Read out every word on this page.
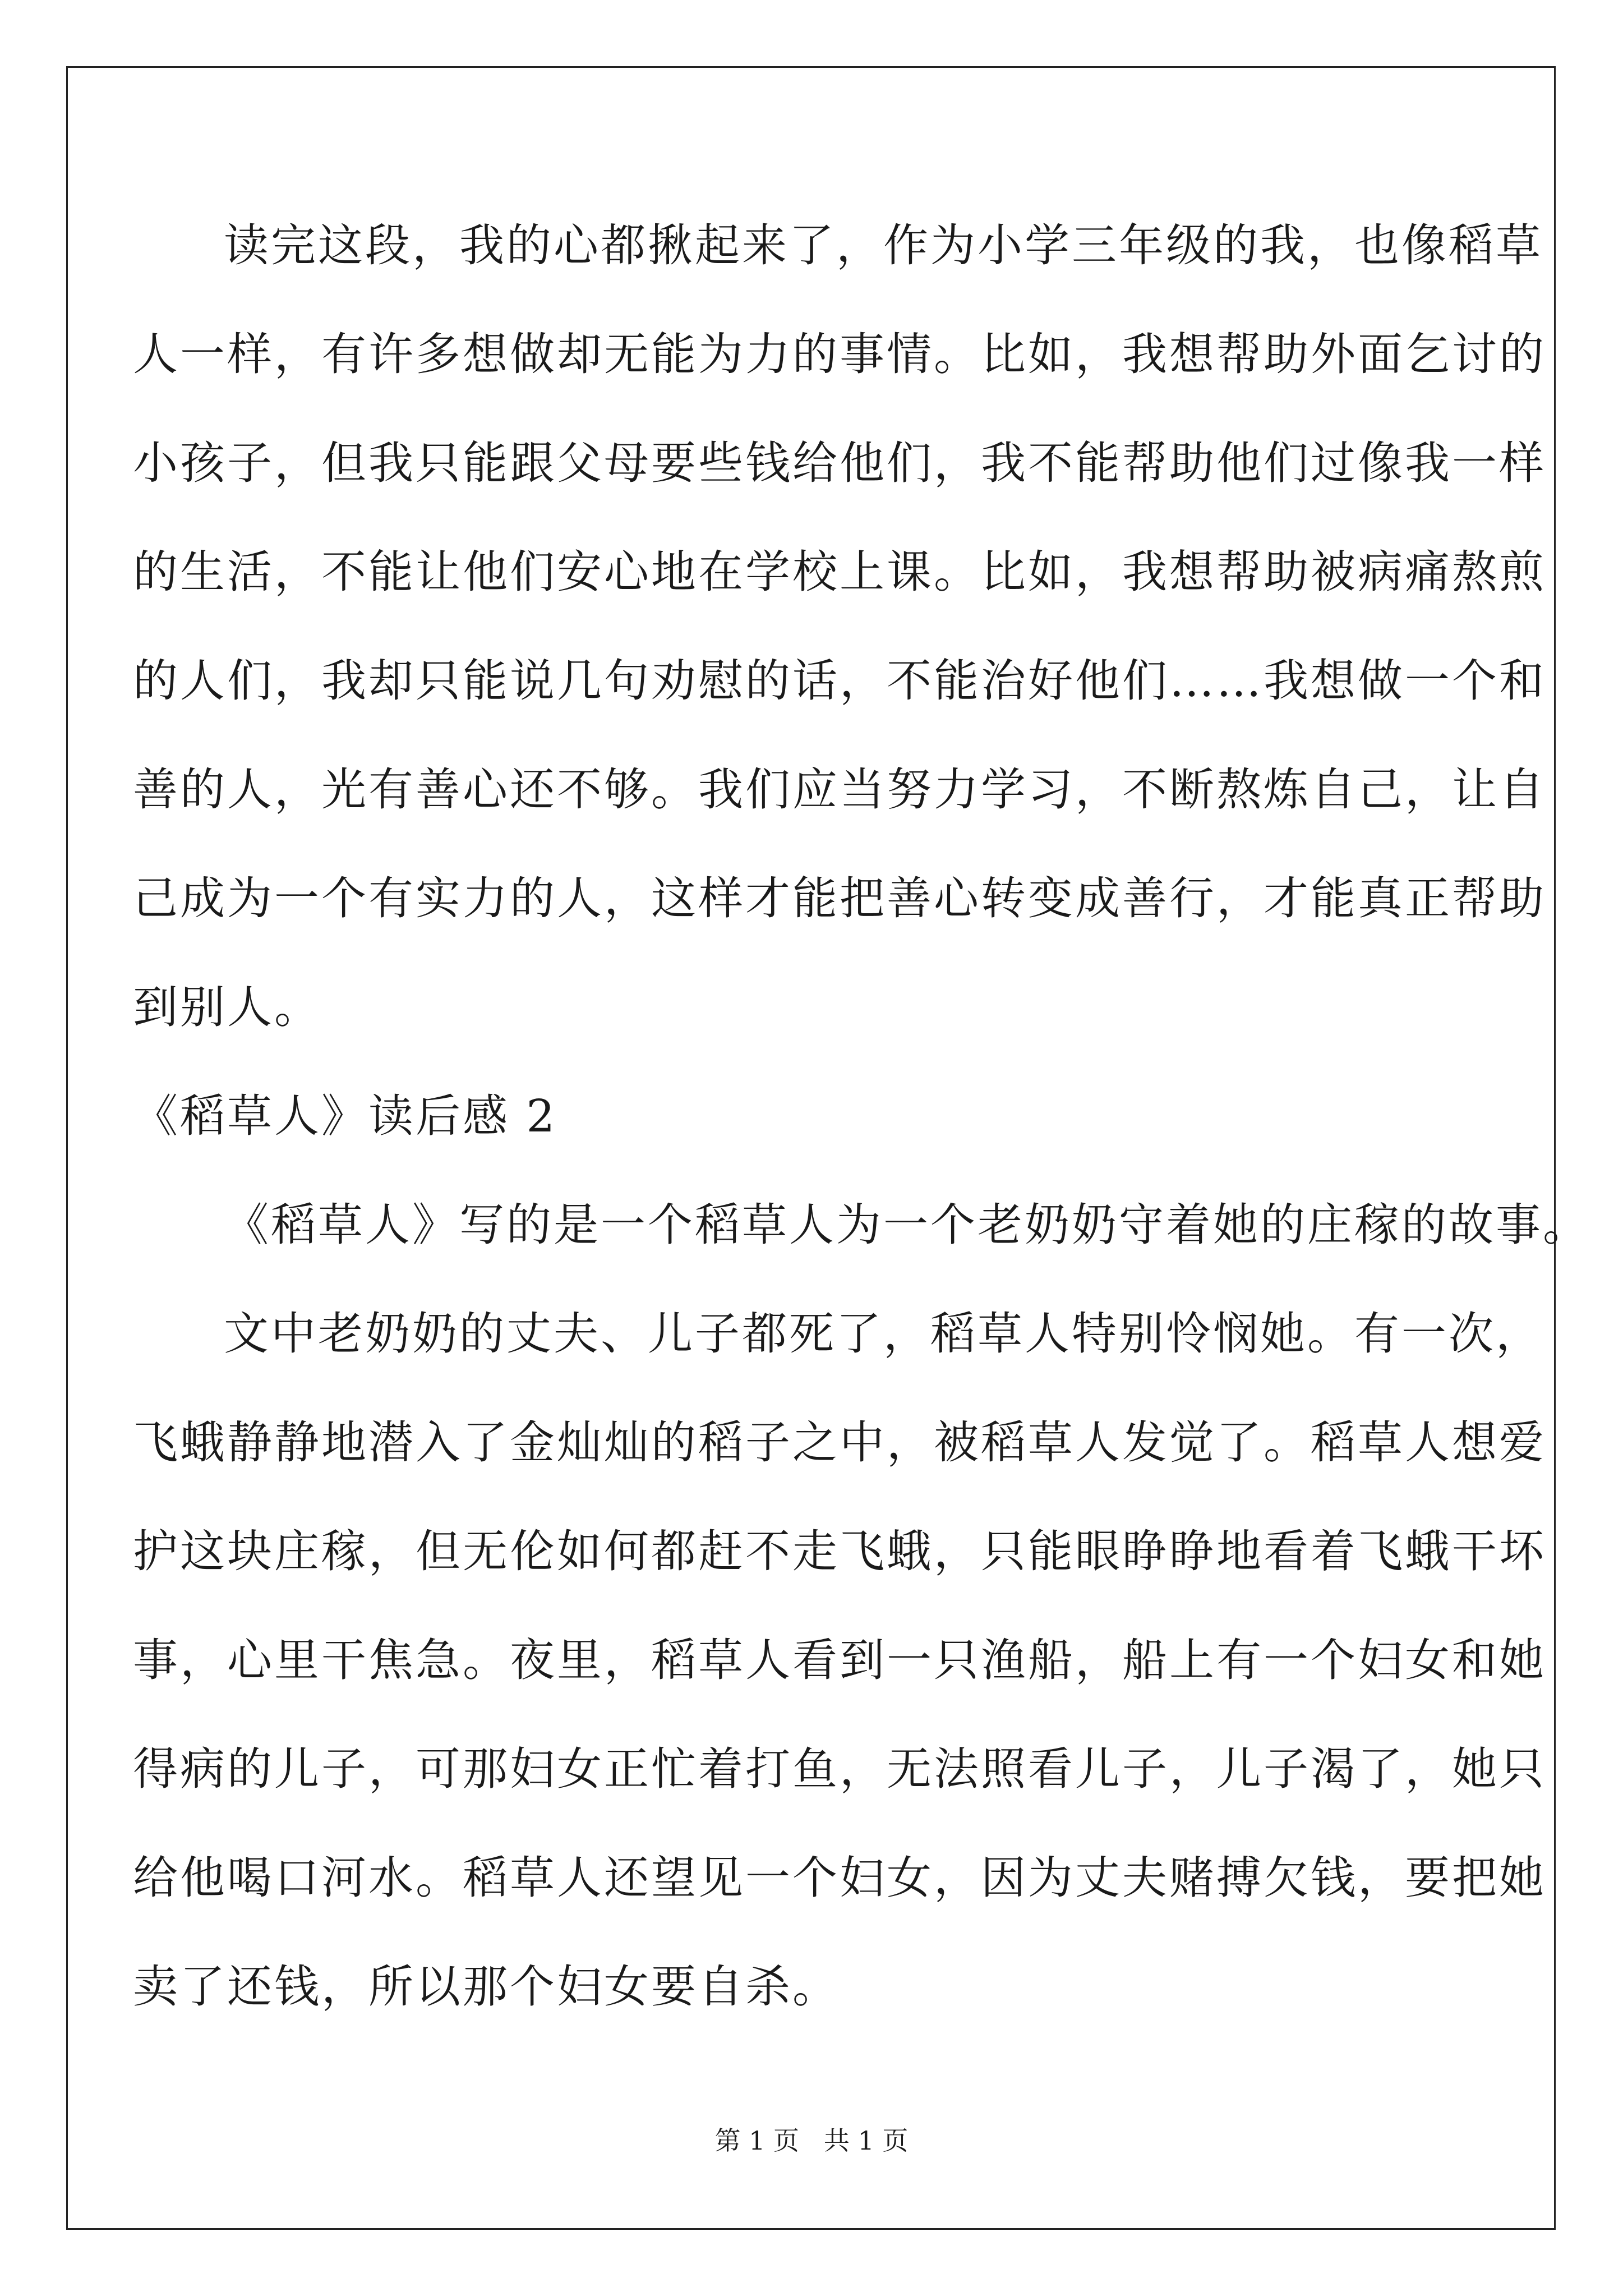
读完这段，我的心都揪起来了，作为小学三年级的我，也像稻草
人一样，有许多想做却无能为力的事情。比如，我想帮助外面乞讨的
小孩子，但我只能跟父母要些钱给他们，我不能帮助他们过像我一样
的生活，不能让他们安心地在学校上课。比如，我想帮助被病痛熬煎
的人们，我却只能说几句劝慰的话，不能治好他们……我想做一个和
善的人，光有善心还不够。我们应当努力学习，不断熬炼自己，让自
己成为一个有实力的人，这样才能把善心转变成善行，才能真正帮助
到别人。
《稻草人》读后感 2
《稻草人》写的是一个稻草人为一个老奶奶守着她的庄稼的故事。
文中老奶奶的丈夫、儿子都死了，稻草人特别怜悯她。有一次，
飞蛾静静地潜入了金灿灿的稻子之中，被稻草人发觉了。稻草人想爱
护这块庄稼，但无伦如何都赶不走飞蛾，只能眼睁睁地看着飞蛾干坏
事，心里干焦急。夜里，稻草人看到一只渔船，船上有一个妇女和她
得病的儿子，可那妇女正忙着打鱼，无法照看儿子，儿子渴了，她只
给他喝口河水。稻草人还望见一个妇女，因为丈夫赌搏欠钱，要把她
卖了还钱，所以那个妇女要自杀。
第 1 页   共 1 页
